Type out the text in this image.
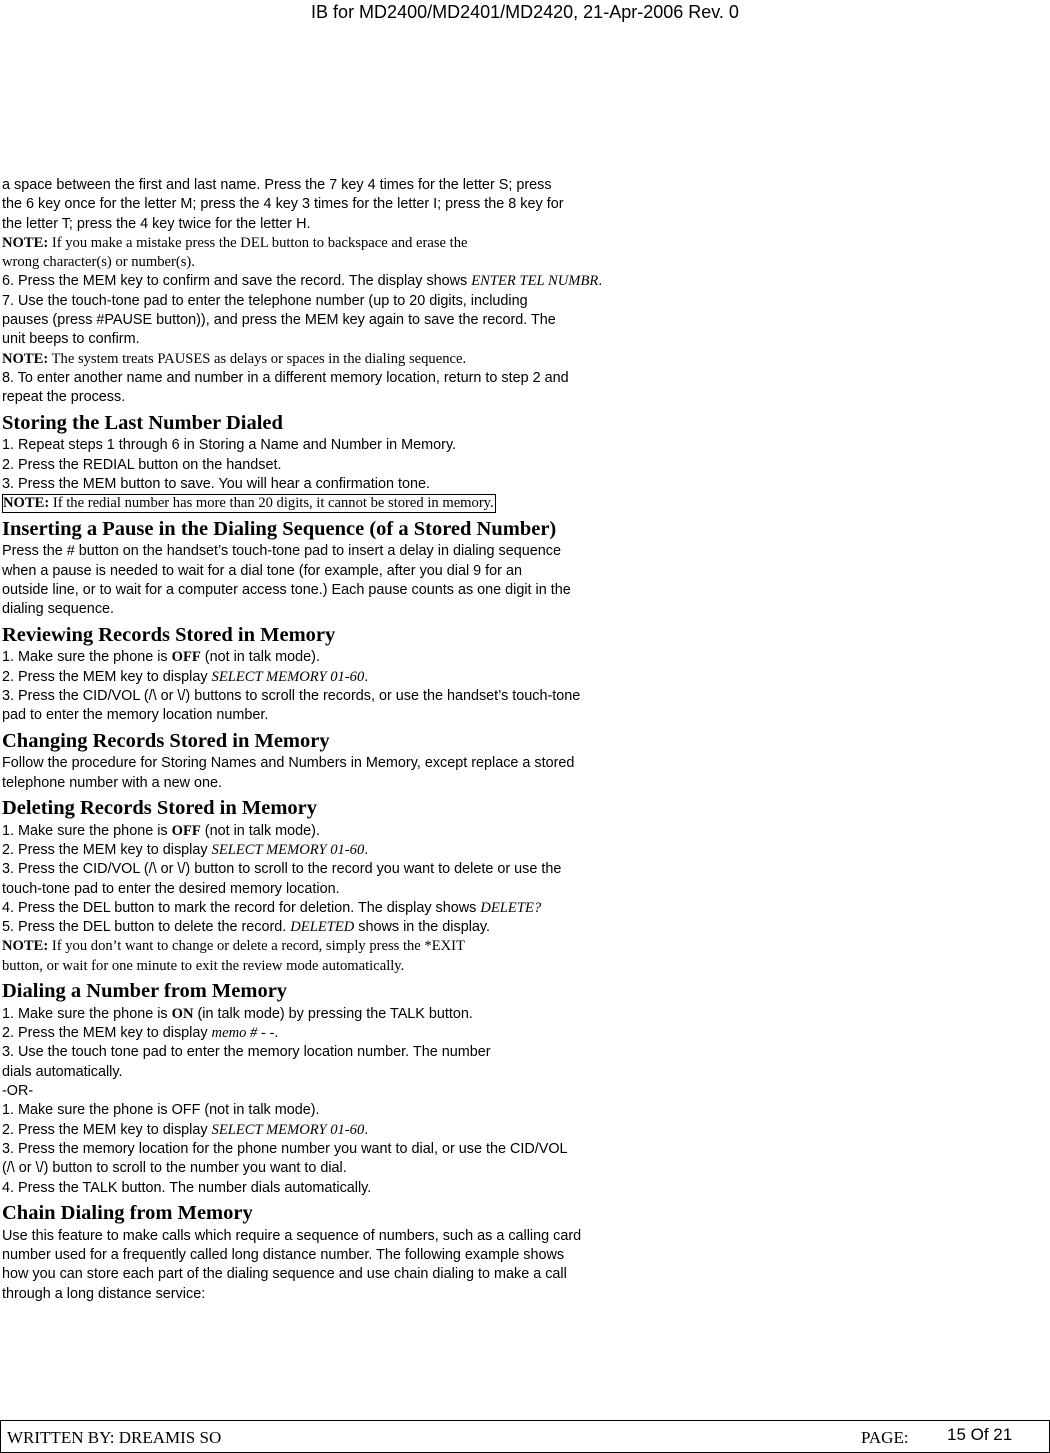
IB for MD2400/MD2401/MD2420, 21-Apr-2006 Rev. 0
a space between the first and last name. Press the 7 key 4 times for the letter S; press
the 6 key once for the letter M; press the 4 key 3 times for the letter I; press the 8 key for
the letter T; press the 4 key twice for the letter H.
NOTE: If you make a mistake press the DEL button to backspace and erase the
wrong character(s) or number(s).
6. Press the MEM key to confirm and save the record. The display shows ENTER TEL NUMBR.
7. Use the touch-tone pad to enter the telephone number (up to 20 digits, including
pauses (press #PAUSE button)), and press the MEM key again to save the record. The
unit beeps to confirm.
NOTE: The system treats PAUSES as delays or spaces in the dialing sequence.
8. To enter another name and number in a different memory location, return to step 2 and
repeat the process.
Storing the Last Number Dialed
1. Repeat steps 1 through 6 in Storing a Name and Number in Memory.
2. Press the REDIAL button on the handset.
3. Press the MEM button to save. You will hear a confirmation tone.
NOTE: If the redial number has more than 20 digits, it cannot be stored in memory.
Inserting a Pause in the Dialing Sequence (of a Stored Number)
Press the # button on the handset’s touch-tone pad to insert a delay in dialing sequence
when a pause is needed to wait for a dial tone (for example, after you dial 9 for an
outside line, or to wait for a computer access tone.) Each pause counts as one digit in the
dialing sequence.
Reviewing Records Stored in Memory
1. Make sure the phone is OFF (not in talk mode).
2. Press the MEM key to display SELECT MEMORY 01-60.
3. Press the CID/VOL (/\ or \/) buttons to scroll the records, or use the handset’s touch-tone
pad to enter the memory location number.
Changing Records Stored in Memory
Follow the procedure for Storing Names and Numbers in Memory, except replace a stored
telephone number with a new one.
Deleting Records Stored in Memory
1. Make sure the phone is OFF (not in talk mode).
2. Press the MEM key to display SELECT MEMORY 01-60.
3. Press the CID/VOL (/\ or \/) button to scroll to the record you want to delete or use the
touch-tone pad to enter the desired memory location.
4. Press the DEL button to mark the record for deletion. The display shows DELETE?
5. Press the DEL button to delete the record. DELETED shows in the display.
NOTE: If you don’t want to change or delete a record, simply press the *EXIT
button, or wait for one minute to exit the review mode automatically.
Dialing a Number from Memory
1. Make sure the phone is ON (in talk mode) by pressing the TALK button.
2. Press the MEM key to display memo # - -.
3. Use the touch tone pad to enter the memory location number. The number
dials automatically.
-OR-
1. Make sure the phone is OFF (not in talk mode).
2. Press the MEM key to display SELECT MEMORY 01-60.
3. Press the memory location for the phone number you want to dial, or use the CID/VOL
(/\ or \/) button to scroll to the number you want to dial.
4. Press the TALK button. The number dials automatically.
Chain Dialing from Memory
Use this feature to make calls which require a sequence of numbers, such as a calling card
number used for a frequently called long distance number. The following example shows
how you can store each part of the dialing sequence and use chain dialing to make a call
through a long distance service:
WRITTEN BY: DREAMIS SO	PAGE: 15 Of 21
